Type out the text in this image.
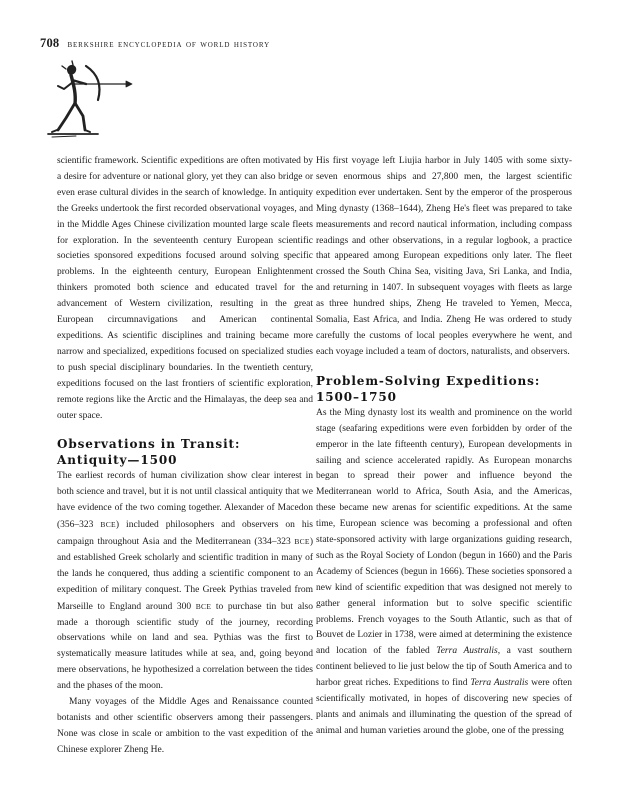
708 berkshire encyclopedia of world history

scientific framework. Scientific expeditions are often motivated by a desire for adventure or national glory, yet they can also bridge or even erase cultural divides in the search of knowledge. In antiquity the Greeks undertook the first recorded observational voyages, and in the Middle Ages Chinese civilization mounted large scale fleets for exploration. In the seventeenth century European scientific societies sponsored expeditions focused around solving specific problems. In the eighteenth century, European Enlightenment thinkers promoted both science and educated travel for the advancement of Western civilization, resulting in the great European circumnavigations and American continental expeditions. As scientific disciplines and training became more narrow and specialized, expeditions focused on specialized studies to push special disciplinary boundaries. In the twentieth century, expeditions focused on the last frontiers of scientific exploration, remote regions like the Arctic and the Himalayas, the deep sea and outer space.

Observations in Transit: Antiquity—1500

The earliest records of human civilization show clear interest in both science and travel, but it is not until classical antiquity that we have evidence of the two coming together. Alexander of Macedon (356–323 BCE) included philosophers and observers on his campaign throughout Asia and the Mediterranean (334–323 BCE) and established Greek scholarly and scientific tradition in many of the lands he conquered, thus adding a scientific component to an expedition of military conquest. The Greek Pythias traveled from Marseille to England around 300 BCE to purchase tin but also made a thorough scientific study of the journey, recording observations while on land and sea. Pythias was the first to systematically measure latitudes while at sea, and, going beyond mere observations, he hypothesized a correlation between the tides and the phases of the moon.

Many voyages of the Middle Ages and Renaissance counted botanists and other scientific observers among their passengers. None was close in scale or ambition to the vast expedition of the Chinese explorer Zheng He.

His first voyage left Liujia harbor in July 1405 with some sixty-seven enormous ships and 27,800 men, the largest scientific expedition ever undertaken. Sent by the emperor of the prosperous Ming dynasty (1368–1644), Zheng He's fleet was prepared to take measurements and record nautical information, including compass readings and other observations, in a regular logbook, a practice that appeared among European expeditions only later. The fleet crossed the South China Sea, visiting Java, Sri Lanka, and India, and returning in 1407. In subsequent voyages with fleets as large as three hundred ships, Zheng He traveled to Yemen, Mecca, Somalia, East Africa, and India. Zheng He was ordered to study carefully the customs of local peoples everywhere he went, and each voyage included a team of doctors, naturalists, and observers.

Problem-Solving Expeditions: 1500–1750

As the Ming dynasty lost its wealth and prominence on the world stage (seafaring expeditions were even forbidden by order of the emperor in the late fifteenth century), European developments in sailing and science accelerated rapidly. As European monarchs began to spread their power and influence beyond the Mediterranean world to Africa, South Asia, and the Americas, these became new arenas for scientific expeditions. At the same time, European science was becoming a professional and often state-sponsored activity with large organizations guiding research, such as the Royal Society of London (begun in 1660) and the Paris Academy of Sciences (begun in 1666). These societies sponsored a new kind of scientific expedition that was designed not merely to gather general information but to solve specific scientific problems. French voyages to the South Atlantic, such as that of Bouvet de Lozier in 1738, were aimed at determining the existence and location of the fabled Terra Australis, a vast southern continent believed to lie just below the tip of South America and to harbor great riches. Expeditions to find Terra Australis were often scientifically motivated, in hopes of discovering new species of plants and animals and illuminating the question of the spread of animal and human varieties around the globe, one of the pressing
